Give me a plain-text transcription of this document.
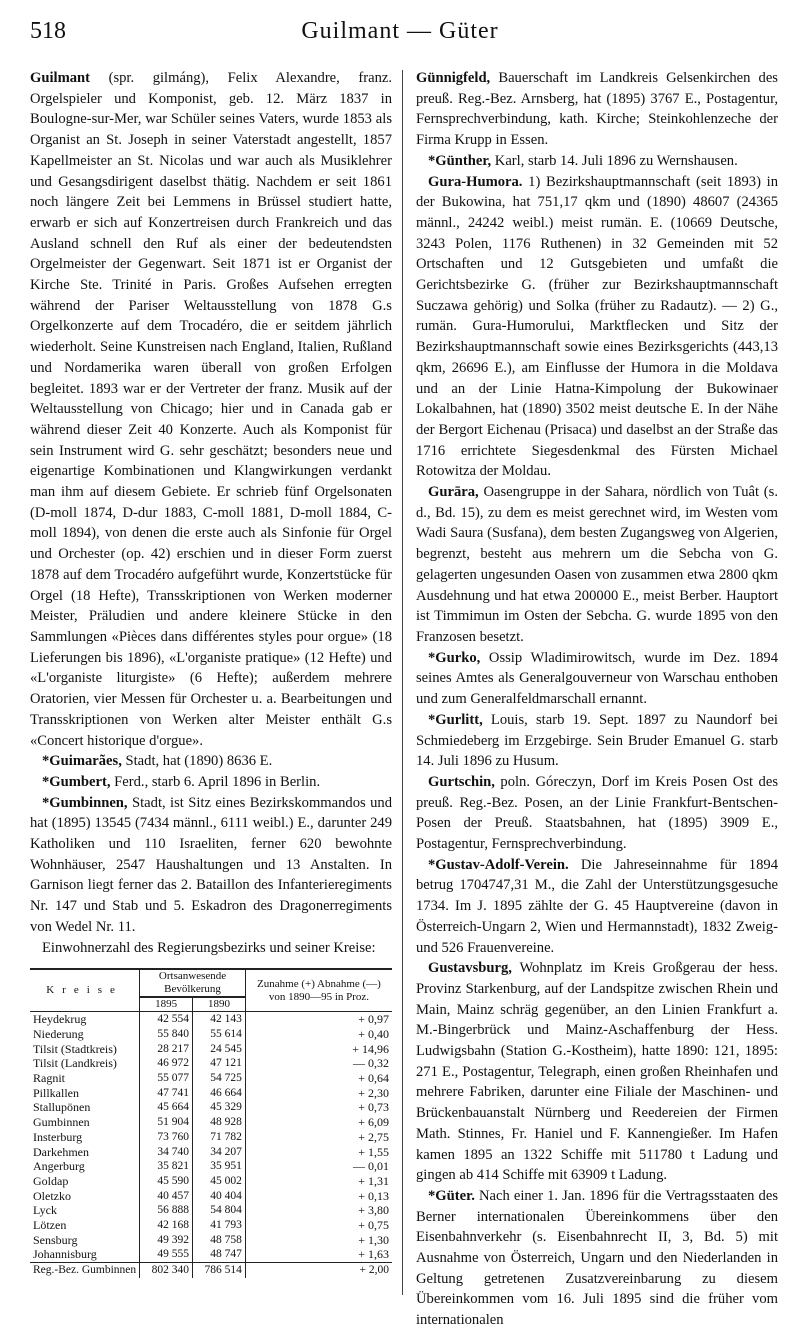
518	Guilmant — Güter

Guilmant (spr. gilmáng), Felix Alexandre, franz. Orgelspieler und Komponist, geb. 12. März 1837 in Boulogne-sur-Mer, war Schüler seines Vaters, wurde 1853 als Organist an St. Joseph in seiner Vaterstadt angestellt, 1857 Kapellmeister an St. Nicolas und war auch als Musiklehrer und Gesangsdirigent daselbst thätig. Nachdem er seit 1861 noch längere Zeit bei Lemmens in Brüssel studiert hatte, erwarb er sich auf Konzertreisen durch Frankreich und das Ausland schnell den Ruf als einer der bedeutendsten Orgelmeister der Gegenwart. Seit 1871 ist er Organist der Kirche Ste. Trinité in Paris. Großes Aufsehen erregten während der Pariser Weltausstellung von 1878 G.s Orgelkonzerte auf dem Trocadéro, die er seitdem jährlich wiederholt. Seine Kunstreisen nach England, Italien, Rußland und Nordamerika waren überall von großen Erfolgen begleitet. 1893 war er der Vertreter der franz. Musik auf der Weltausstellung von Chicago; hier und in Canada gab er während dieser Zeit 40 Konzerte. Auch als Komponist für sein Instrument wird G. sehr geschätzt; besonders neue und eigenartige Kombinationen und Klangwirkungen verdankt man ihm auf diesem Gebiete. Er schrieb fünf Orgelsonaten (D-moll 1874, D-dur 1883, C-moll 1881, D-moll 1884, C-moll 1894), von denen die erste auch als Sinfonie für Orgel und Orchester (op. 42) erschien und in dieser Form zuerst 1878 auf dem Trocadéro aufgeführt wurde, Konzertstücke für Orgel (18 Hefte), Transskriptionen von Werken moderner Meister, Präludien und andere kleinere Stücke in den Sammlungen «Pièces dans différentes styles pour orgue» (18 Lieferungen bis 1896), «L'organiste pratique» (12 Hefte) und «L'organiste liturgiste» (6 Hefte); außerdem mehrere Oratorien, vier Messen für Orchester u. a. Bearbeitungen und Transskriptionen von Werken alter Meister enthält G.s «Concert historique d'orgue».

*Guimarães, Stadt, hat (1890) 8636 E.

*Gumbert, Ferd., starb 6. April 1896 in Berlin.

*Gumbinnen, Stadt, ist Sitz eines Bezirkskommandos und hat (1895) 13545 (7434 männl., 6111 weibl.) E., darunter 249 Katholiken und 110 Israeliten, ferner 620 bewohnte Wohnhäuser, 2547 Haushaltungen und 13 Anstalten. In Garnison liegt ferner das 2. Bataillon des Infanterieregiments Nr. 147 und Stab und 5. Eskadron des Dragonerregiments von Wedel Nr. 11.

Einwohnerzahl des Regierungsbezirks und seiner Kreise:

Kreise	Ortsanwesende Bevölkerung		Zunahme (+) Abnahme (—) von 1890—95 in Proz.
	1895	1890	
Heydekrug	42 554	42 143	+ 0,97
Niederung	55 840	55 614	+ 0,40
Tilsit (Stadtkreis)	28 217	24 545	+ 14,96
Tilsit (Landkreis)	46 972	47 121	— 0,32
Ragnit	55 077	54 725	+ 0,64
Pillkallen	47 741	46 664	+ 2,30
Stallupönen	45 664	45 329	+ 0,73
Gumbinnen	51 904	48 928	+ 6,09
Insterburg	73 760	71 782	+ 2,75
Darkehmen	34 740	34 207	+ 1,55
Angerburg	35 821	35 951	— 0,01
Goldap	45 590	45 002	+ 1,31
Oletzko	40 457	40 404	+ 0,13
Lyck	56 888	54 804	+ 3,80
Lötzen	42 168	41 793	+ 0,75
Sensburg	49 392	48 758	+ 1,30
Johannisburg	49 555	48 747	+ 1,63
Reg.-Bez. Gumbinnen	802 340	786 514	+ 2,00

Günnigfeld, Bauerschaft im Landkreis Gelsenkirchen des preuß. Reg.-Bez. Arnsberg, hat (1895) 3767 E., Postagentur, Fernsprechverbindung, kath. Kirche; Steinkohlenzeche der Firma Krupp in Essen.

*Günther, Karl, starb 14. Juli 1896 zu Wernshausen.

Gura-Humora. 1) Bezirkshauptmannschaft (seit 1893) in der Bukowina, hat 751,17 qkm und (1890) 48607 (24365 männl., 24242 weibl.) meist rumän. E. (10669 Deutsche, 3243 Polen, 1176 Ruthenen) in 32 Gemeinden mit 52 Ortschaften und 12 Gutsgebieten und umfaßt die Gerichtsbezirke G. (früher zur Bezirkshauptmannschaft Suczawa gehörig) und Solka (früher zu Radautz). — 2) G., rumän. Gura-Humorului, Marktflecken und Sitz der Bezirkshauptmannschaft sowie eines Bezirksgerichts (443,13 qkm, 26696 E.), am Einflusse der Humora in die Moldava und an der Linie Hatna-Kimpolung der Bukowinaer Lokalbahnen, hat (1890) 3502 meist deutsche E. In der Nähe der Bergort Eichenau (Prisaca) und daselbst an der Straße das 1716 errichtete Siegesdenkmal des Fürsten Michael Rotowitza der Moldau.

Gurāra, Oasengruppe in der Sahara, nördlich von Tuât (s. d., Bd. 15), zu dem es meist gerechnet wird, im Westen vom Wadi Saura (Susfana), dem besten Zugangsweg von Algerien, begrenzt, besteht aus mehrern um die Sebcha von G. gelagerten ungesunden Oasen von zusammen etwa 2800 qkm Ausdehnung und hat etwa 200000 E., meist Berber. Hauptort ist Timmimun im Osten der Sebcha. G. wurde 1895 von den Franzosen besetzt.

*Gurko, Ossip Wladimirowitsch, wurde im Dez. 1894 seines Amtes als Generalgouverneur von Warschau enthoben und zum Generalfeldmarschall ernannt.

*Gurlitt, Louis, starb 19. Sept. 1897 zu Naundorf bei Schmiedeberg im Erzgebirge. Sein Bruder Emanuel G. starb 14. Juli 1896 zu Husum.

Gurtschin, poln. Góreczyn, Dorf im Kreis Posen Ost des preuß. Reg.-Bez. Posen, an der Linie Frankfurt-Bentschen-Posen der Preuß. Staatsbahnen, hat (1895) 3909 E., Postagentur, Fernsprechverbindung.

*Gustav-Adolf-Verein. Die Jahreseinnahme für 1894 betrug 1704747,31 M., die Zahl der Unterstützungsgesuche 1734. Im J. 1895 zählte der G. 45 Hauptvereine (davon in Österreich-Ungarn 2, Wien und Hermannstadt), 1832 Zweig- und 526 Frauenvereine.

Gustavsburg, Wohnplatz im Kreis Großgerau der hess. Provinz Starkenburg, auf der Landspitze zwischen Rhein und Main, Mainz schräg gegenüber, an den Linien Frankfurt a. M.-Bingerbrück und Mainz-Aschaffenburg der Hess. Ludwigsbahn (Station G.-Kostheim), hatte 1890: 121, 1895: 271 E., Postagentur, Telegraph, einen großen Rheinhafen und mehrere Fabriken, darunter eine Filiale der Maschinen- und Brückenbauanstalt Nürnberg und Reedereien der Firmen Math. Stinnes, Fr. Haniel und F. Kannengießer. Im Hafen kamen 1895 an 1322 Schiffe mit 511780 t Ladung und gingen ab 414 Schiffe mit 63909 t Ladung.

*Güter. Nach einer 1. Jan. 1896 für die Vertragsstaaten des Berner internationalen Übereinkommens über den Eisenbahnverkehr (s. Eisenbahnrecht II, 3, Bd. 5) mit Ausnahme von Österreich, Ungarn und den Niederlanden in Geltung getretenen Zusatzvereinbarung zu diesem Übereinkommen vom 16. Juli 1895 sind die früher vom internationalen
